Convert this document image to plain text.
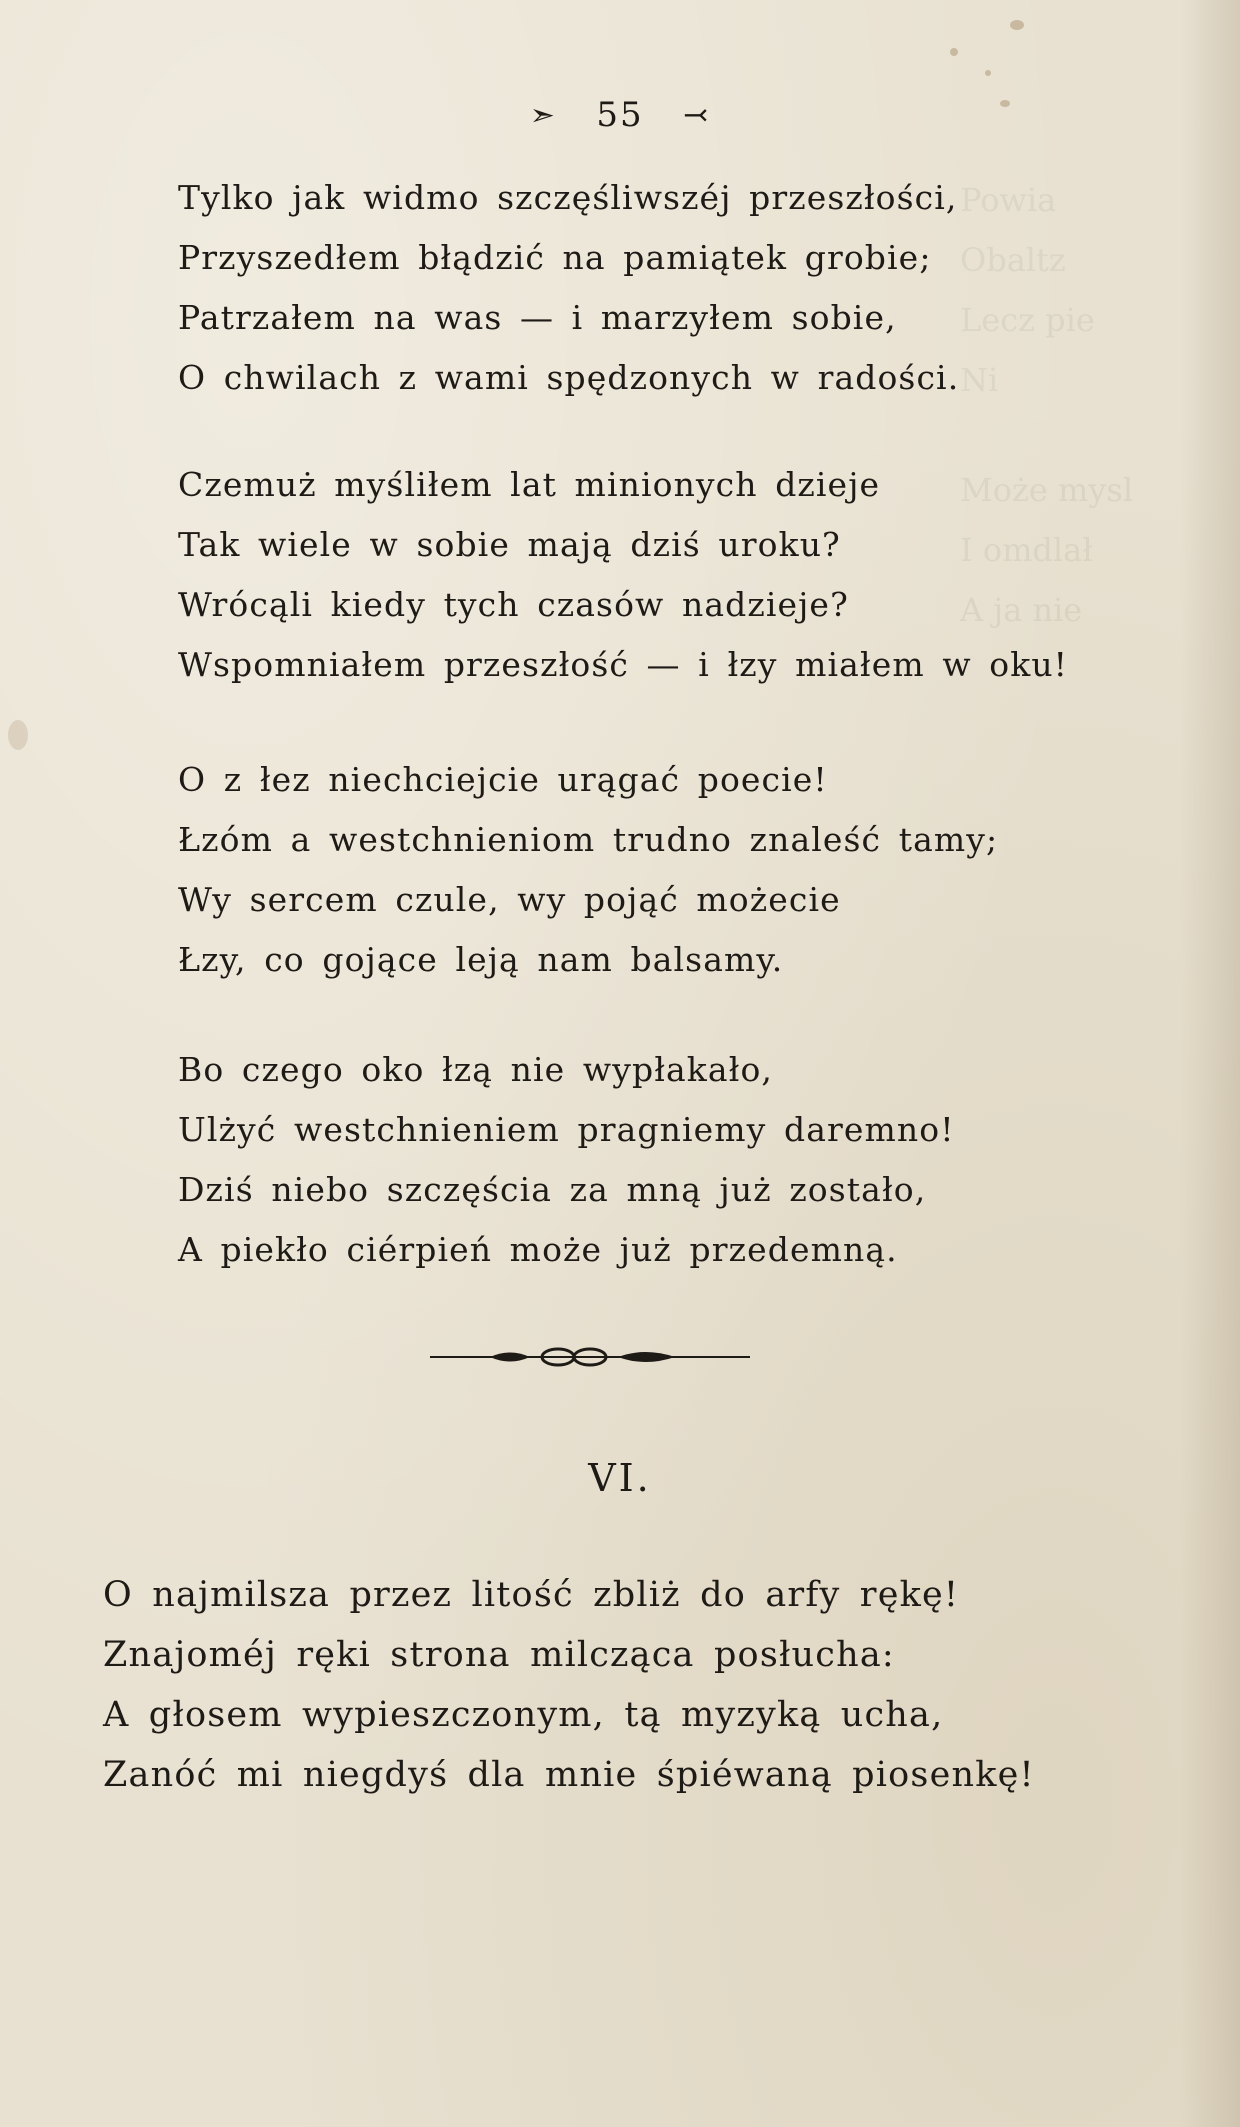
Powia
Obaltz
Lecz pie
Ni
Może mysl
I omdlał
A ja nie
➣ 55 ⤙
Tylko jak widmo szczęśliwszéj przeszłości,
Przyszedłem błądzić na pamiątek grobie;
Patrzałem na was — i marzyłem sobie,
O chwilach z wami spędzonych w radości.
Czemuż myśliłem lat minionych dzieje
Tak wiele w sobie mają dziś uroku?
Wrócąli kiedy tych czasów nadzieje?
Wspomniałem przeszłość — i łzy miałem w oku!
O z łez niechciejcie urągać poecie!
Łzóm a westchnieniom trudno znaleść tamy;
Wy sercem czule, wy pojąć możecie
Łzy, co gojące leją nam balsamy.
Bo czego oko łzą nie wypłakało,
Ulżyć westchnieniem pragniemy daremno!
Dziś niebo szczęścia za mną już zostało,
A piekło ciérpień może już przedemną.
VI.
O najmilsza przez litość zbliż do arfy rękę!
Znajoméj ręki strona milcząca posłucha:
A głosem wypieszczonym, tą myzyką ucha,
Zanóć mi niegdyś dla mnie śpiéwaną piosenkę!
